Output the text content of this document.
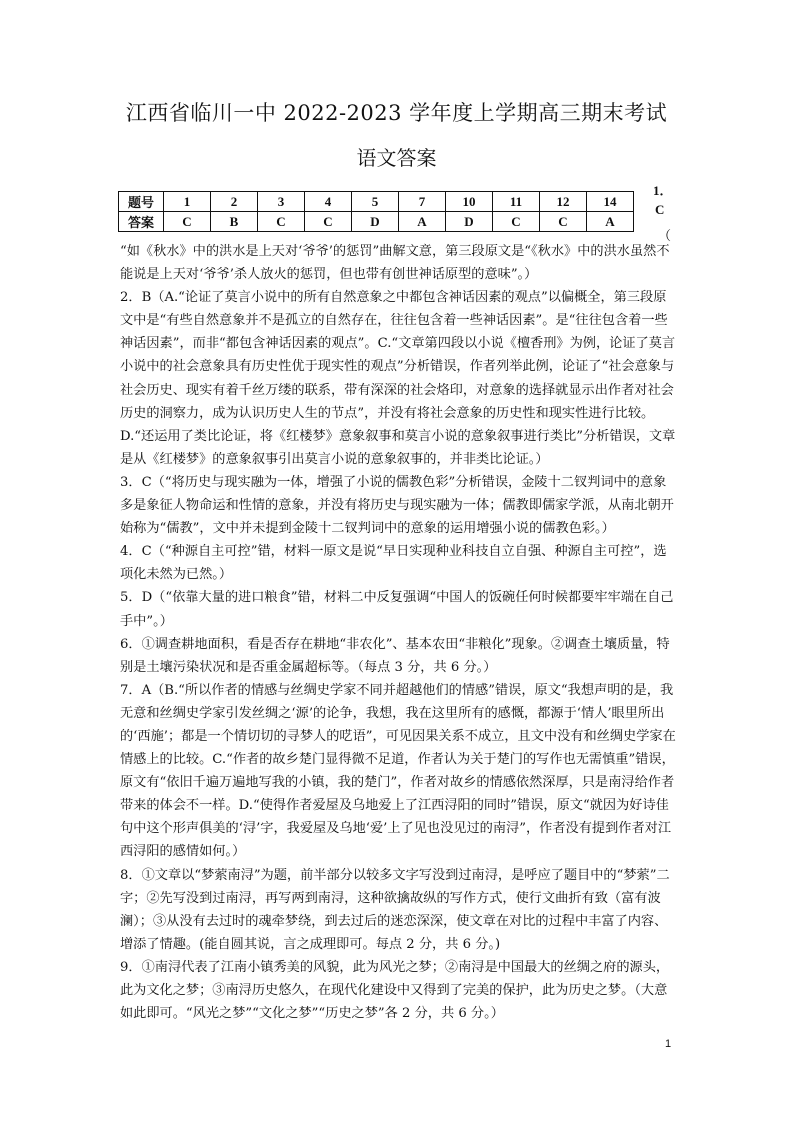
江西省临川一中 2022-2023 学年度上学期高三期末考试
语文答案
题号	1	2	3	4	5	7	10	11	12	14
答案	C	B	C	C	D	A	D	C	C	A
1．
C
（

“如《秋水》中的洪水是上天对‘爷爷’的惩罚”曲解文意，第三段原文是“《秋水》中的洪水虽然不能说是上天对‘爷爷’杀人放火的惩罚，但也带有创世神话原型的意味”。）

2．B（A.“论证了莫言小说中的所有自然意象之中都包含神话因素的观点”以偏概全，第三段原文中是“有些自然意象并不是孤立的自然存在，往往包含着一些神话因素”。是“往往包含着一些神话因素”，而非“都包含神话因素的观点”。C.“文章第四段以小说《檀香刑》为例，论证了莫言小说中的社会意象具有历史性优于现实性的观点”分析错误，作者列举此例，论证了“社会意象与社会历史、现实有着千丝万缕的联系，带有深深的社会烙印，对意象的选择就显示出作者对社会历史的洞察力，成为认识历史人生的节点”，并没有将社会意象的历史性和现实性进行比较。D.“还运用了类比论证，将《红楼梦》意象叙事和莫言小说的意象叙事进行类比”分析错误，文章是从《红楼梦》的意象叙事引出莫言小说的意象叙事的，并非类比论证。）

3．C（“将历史与现实融为一体，增强了小说的儒教色彩”分析错误，金陵十二钗判词中的意象多是象征人物命运和性情的意象，并没有将历史与现实融为一体；儒教即儒家学派，从南北朝开始称为“儒教”，文中并未提到金陵十二钗判词中的意象的运用增强小说的儒教色彩。）

4．C（“种源自主可控”错，材料一原文是说“早日实现种业科技自立自强、种源自主可控”，选项化未然为已然。）

5．D（“依靠大量的进口粮食”错，材料二中反复强调“中国人的饭碗任何时候都要牢牢端在自己手中”。）

6．①调查耕地面积，看是否存在耕地“非农化”、基本农田“非粮化”现象。②调查土壤质量，特别是土壤污染状况和是否重金属超标等。（每点 3 分，共 6 分。）

7．A（B.“所以作者的情感与丝绸史学家不同并超越他们的情感”错误，原文“我想声明的是，我无意和丝绸史学家引发丝绸之‘源’的论争，我想，我在这里所有的感慨，都源于‘情人’眼里所出的‘西施’；都是一个情切切的寻梦人的呓语”，可见因果关系不成立，且文中没有和丝绸史学家在情感上的比较。C.“作者的故乡楚门显得微不足道，作者认为关于楚门的写作也无需慎重”错误，原文有“依旧千遍万遍地写我的小镇，我的楚门”，作者对故乡的情感依然深厚，只是南浔给作者带来的体会不一样。D.“使得作者爱屋及乌地爱上了江西浔阳的同时”错误，原文“就因为好诗佳句中这个形声俱美的‘浔’字，我爱屋及乌地‘爱’上了见也没见过的南浔”，作者没有提到作者对江西浔阳的感情如何。）

8．①文章以“梦萦南浔”为题，前半部分以较多文字写没到过南浔，是呼应了题目中的“梦萦”二字；②先写没到过南浔，再写两到南浔，这种欲擒故纵的写作方式，使行文曲折有致（富有波澜）；③从没有去过时的魂牵梦绕，到去过后的迷恋深深，使文章在对比的过程中丰富了内容、增添了情趣。(能自圆其说，言之成理即可。每点 2 分，共 6 分。)

9．①南浔代表了江南小镇秀美的风貌，此为风光之梦；②南浔是中国最大的丝绸之府的源头，此为文化之梦；③南浔历史悠久，在现代化建设中又得到了完美的保护，此为历史之梦。（大意如此即可。“风光之梦”“文化之梦”“历史之梦”各 2 分，共 6 分。）

1
